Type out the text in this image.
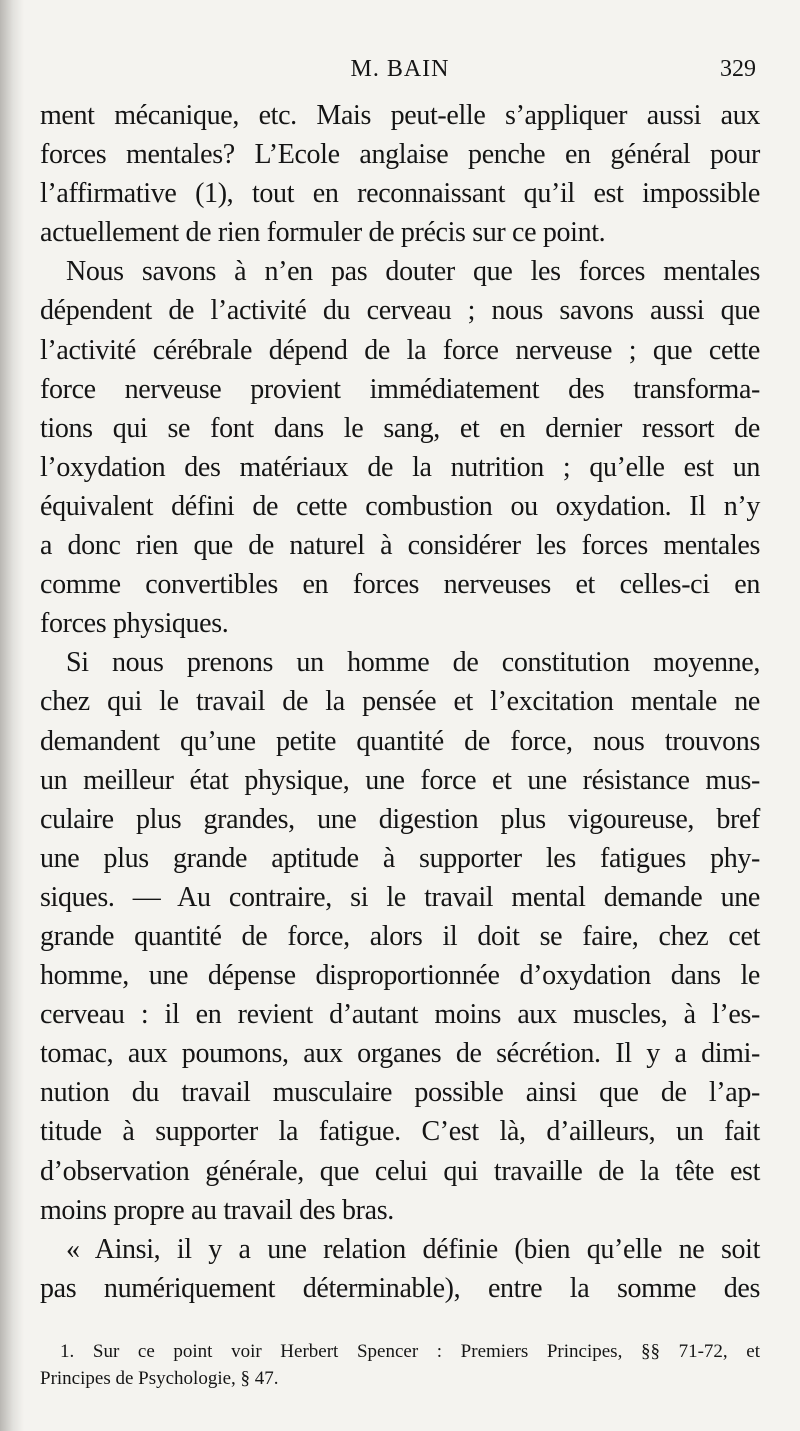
M. BAIN	329
ment mécanique, etc. Mais peut-elle s’appliquer aussi aux
forces mentales? L’Ecole anglaise penche en général pour
l’affirmative (1), tout en reconnaissant qu’il est impossible
actuellement de rien formuler de précis sur ce point.
Nous savons à n’en pas douter que les forces mentales
dépendent de l’activité du cerveau ; nous savons aussi que
l’activité cérébrale dépend de la force nerveuse ; que cette
force nerveuse provient immédiatement des transforma-
tions qui se font dans le sang, et en dernier ressort de
l’oxydation des matériaux de la nutrition ; qu’elle est un
équivalent défini de cette combustion ou oxydation. Il n’y
a donc rien que de naturel à considérer les forces mentales
comme convertibles en forces nerveuses et celles-ci en
forces physiques.
Si nous prenons un homme de constitution moyenne,
chez qui le travail de la pensée et l’excitation mentale ne
demandent qu’une petite quantité de force, nous trouvons
un meilleur état physique, une force et une résistance mus-
culaire plus grandes, une digestion plus vigoureuse, bref
une plus grande aptitude à supporter les fatigues phy-
siques. — Au contraire, si le travail mental demande une
grande quantité de force, alors il doit se faire, chez cet
homme, une dépense disproportionnée d’oxydation dans le
cerveau : il en revient d’autant moins aux muscles, à l’es-
tomac, aux poumons, aux organes de sécrétion. Il y a dimi-
nution du travail musculaire possible ainsi que de l’ap-
titude à supporter la fatigue. C’est là, d’ailleurs, un fait
d’observation générale, que celui qui travaille de la tête est
moins propre au travail des bras.
« Ainsi, il y a une relation définie (bien qu’elle ne soit
pas numériquement déterminable), entre la somme des
1. Sur ce point voir Herbert Spencer : Premiers Principes, §§ 71-72, et
Principes de Psychologie, § 47.
